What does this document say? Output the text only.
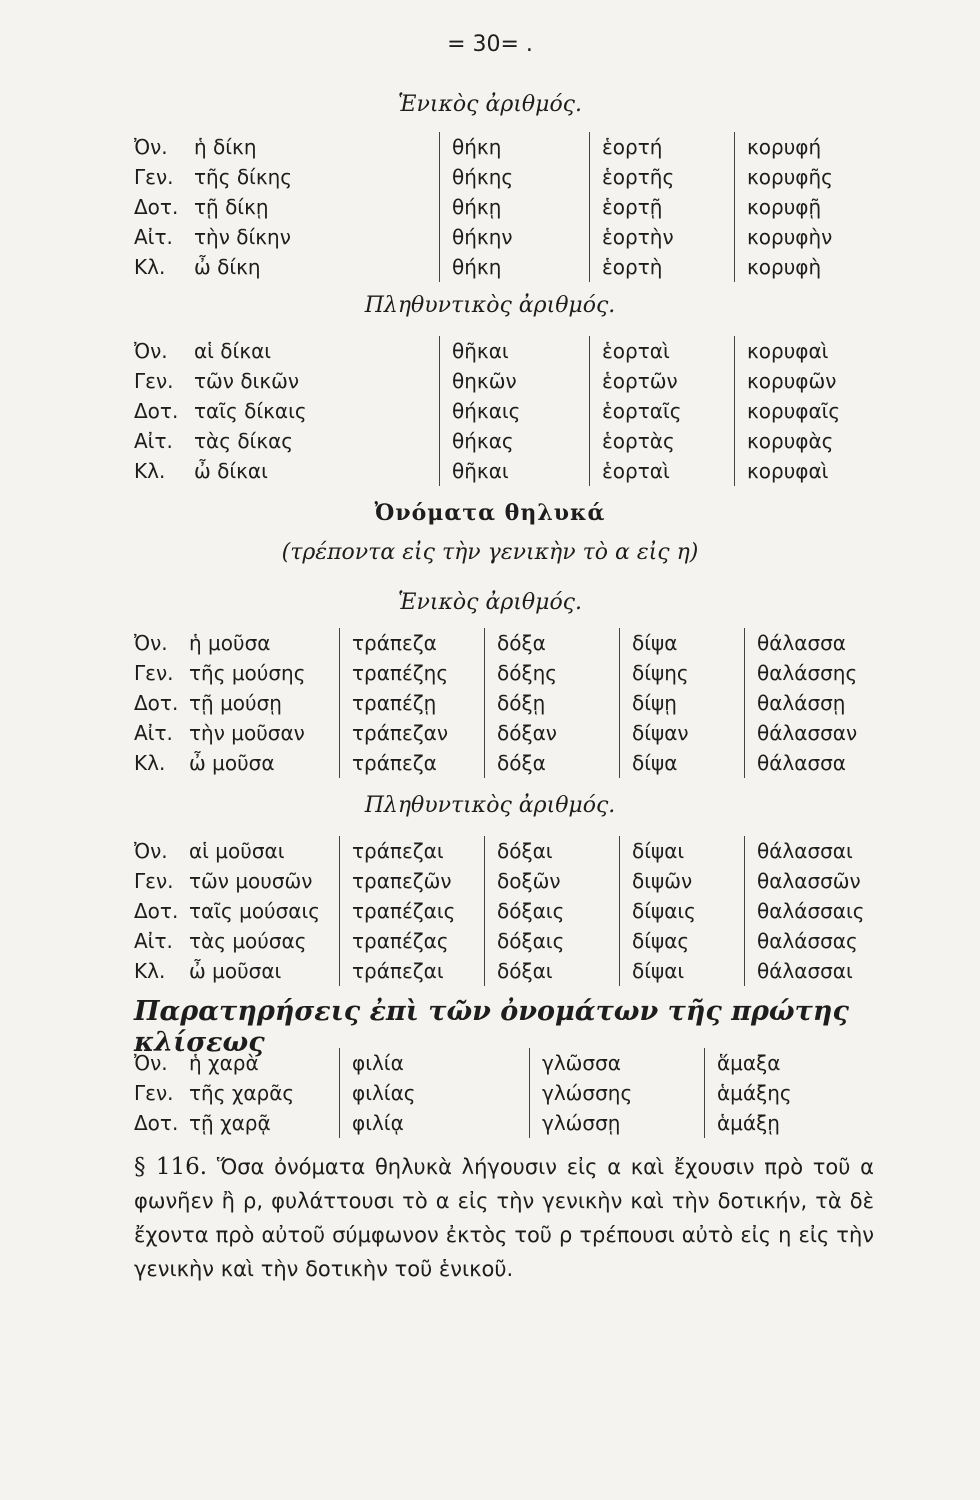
= 30= .
Ἑνικὸς ἀριθμός.
Ὀν.	ἡ δίκη	θήκη	ἑορτή	κορυφή
Γεν.	τῆς δίκης	θήκης	ἑορτῆς	κορυφῆς
Δοτ. τῇ δίκῃ	θήκῃ	ἑορτῇ	κορυφῇ
Αἰτ.	τὴν δίκην	θήκην	ἑορτὴν	κορυφὴν
Κλ.	ὦ δίκη	θήκη	ἑορτὴ	κορυφὴ
Πληθυντικὸς ἀριθμός.
Ὀν.	αἱ δίκαι	θῆκαι	ἑορταὶ	κορυφαὶ
Γεν.	τῶν δικῶν	θηκῶν	ἑορτῶν	κορυφῶν
Δοτ. ταῖς δίκαις	θήκαις	ἑορταῖς	κορυφαῖς
Αἰτ.	τὰς δίκας	θήκας	ἑορτὰς	κορυφὰς
Κλ.	ὦ δίκαι	θῆκαι	ἑορταὶ	κορυφαὶ
Ὀνόματα θηλυκά
(τρέποντα εἰς τὴν γενικὴν τὸ α εἰς η)
Ἑνικὸς ἀριθμός.
Ὀν.	ἡ μοῦσα	τράπεζα	δόξα	δίψα	θάλασσα
Γεν. τῆς μούσης	τραπέζης	δόξης	δίψης	θαλάσσης
Δοτ. τῇ μούσῃ	τραπέζῃ	δόξῃ	δίψῃ	θαλάσσῃ
Αἰτ. τὴν μοῦσαν	τράπεζαν	δόξαν	δίψαν	θάλασσαν
Κλ.	ὦ μοῦσα	τράπεζα	δόξα	δίψα	θάλασσα
Πληθυντικὸς ἀριθμός.
Ὀν.	αἱ μοῦσαι	τράπεζαι	δόξαι	δίψαι	θάλασσαι
Γεν. τῶν μουσῶν	τραπεζῶν	δοξῶν	διψῶν	θαλασσῶν
Δοτ. ταῖς μούσαις	τραπέζαις	δόξαις	δίψαις	θαλάσσαις
Αἰτ. τὰς μούσας	τραπέζας	δόξαις	δίψας	θαλάσσας
Κλ.	ὦ μοῦσαι	τράπεζαι	δόξαι	δίψαι	θάλασσαι
Παρατηρήσεις ἐπὶ τῶν ὀνομάτων τῆς πρώτης κλίσεως
Ὀν.	ἡ χαρὰ	φιλία	γλῶσσα	ἅμαξα
Γεν. τῆς χαρᾶς	φιλίας	γλώσσης	ἁμάξης
Δοτ. τῇ χαρᾷ	φιλίᾳ	γλώσσῃ	ἁμάξῃ
§ 116. Ὅσα ὀνόματα θηλυκὰ λήγουσιν εἰς α καὶ ἔχουσιν πρὸ τοῦ α φωνῆεν ἢ ρ, φυλάττουσι τὸ α εἰς τὴν γενικὴν καὶ τὴν δοτικήν, τὰ δὲ ἔχοντα πρὸ αὐτοῦ σύμφωνον ἐκτὸς τοῦ ρ τρέπουσι αὐτὸ εἰς η εἰς τὴν γενικὴν καὶ τὴν δοτικὴν τοῦ ἑνικοῦ.
